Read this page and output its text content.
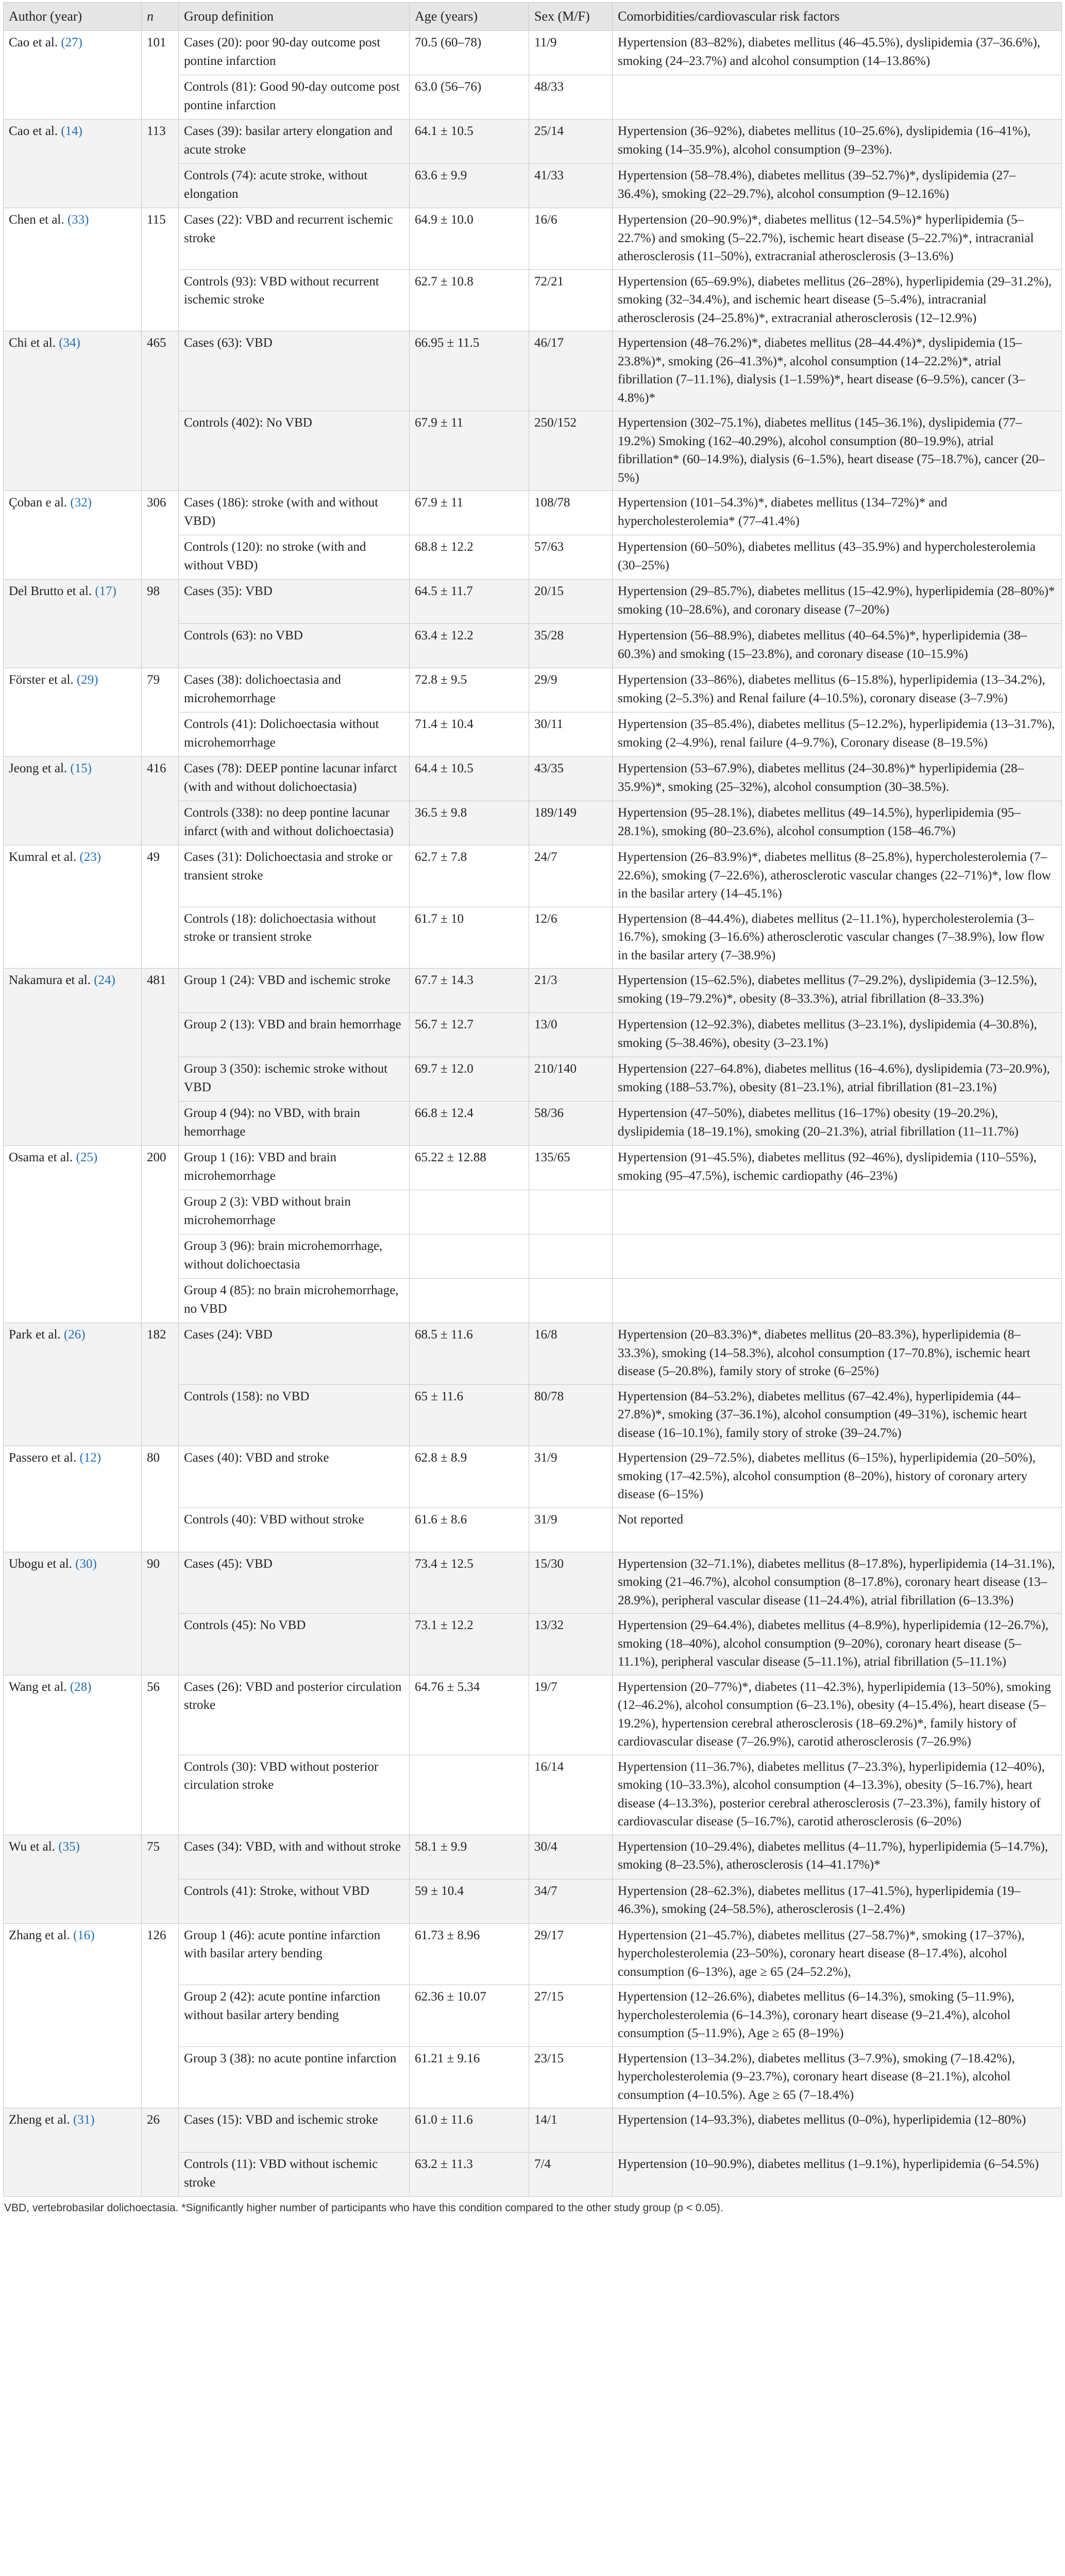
Author (year)	n	Group definition	Age (years)	Sex (M/F)	Comorbidities/cardiovascular risk factors
Cao et al. (27)	101	Cases (20): poor 90-day outcome post pontine infarction	70.5 (60–78)	11/9	Hypertension (83–82%), diabetes mellitus (46–45.5%), dyslipidemia (37–36.6%), smoking (24–23.7%) and alcohol consumption (14–13.86%)
		Controls (81): Good 90-day outcome post pontine infarction	63.0 (56–76)	48/33	
Cao et al. (14)	113	Cases (39): basilar artery elongation and acute stroke	64.1 ± 10.5	25/14	Hypertension (36–92%), diabetes mellitus (10–25.6%), dyslipidemia (16–41%), smoking (14–35.9%), alcohol consumption (9–23%).
		Controls (74): acute stroke, without elongation	63.6 ± 9.9	41/33	Hypertension (58–78.4%), diabetes mellitus (39–52.7%)*, dyslipidemia (27–36.4%), smoking (22–29.7%), alcohol consumption (9–12.16%)
Chen et al. (33)	115	Cases (22): VBD and recurrent ischemic stroke	64.9 ± 10.0	16/6	Hypertension (20–90.9%)*, diabetes mellitus (12–54.5%)* hyperlipidemia (5–22.7%) and smoking (5–22.7%), ischemic heart disease (5–22.7%)*, intracranial atherosclerosis (11–50%), extracranial atherosclerosis (3–13.6%)
		Controls (93): VBD without recurrent ischemic stroke	62.7 ± 10.8	72/21	Hypertension (65–69.9%), diabetes mellitus (26–28%), hyperlipidemia (29–31.2%), smoking (32–34.4%), and ischemic heart disease (5–5.4%), intracranial atherosclerosis (24–25.8%)*, extracranial atherosclerosis (12–12.9%)
Chi et al. (34)	465	Cases (63): VBD	66.95 ± 11.5	46/17	Hypertension (48–76.2%)*, diabetes mellitus (28–44.4%)*, dyslipidemia (15–23.8%)*, smoking (26–41.3%)*, alcohol consumption (14–22.2%)*, atrial fibrillation (7–11.1%), dialysis (1–1.59%)*, heart disease (6–9.5%), cancer (3–4.8%)*
		Controls (402): No VBD	67.9 ± 11	250/152	Hypertension (302–75.1%), diabetes mellitus (145–36.1%), dyslipidemia (77–19.2%) Smoking (162–40.29%), alcohol consumption (80–19.9%), atrial fibrillation* (60–14.9%), dialysis (6–1.5%), heart disease (75–18.7%), cancer (20–5%)
Çoban e al. (32)	306	Cases (186): stroke (with and without VBD)	67.9 ± 11	108/78	Hypertension (101–54.3%)*, diabetes mellitus (134–72%)* and hypercholesterolemia* (77–41.4%)
		Controls (120): no stroke (with and without VBD)	68.8 ± 12.2	57/63	Hypertension (60–50%), diabetes mellitus (43–35.9%) and hypercholesterolemia (30–25%)
Del Brutto et al. (17)	98	Cases (35): VBD	64.5 ± 11.7	20/15	Hypertension (29–85.7%), diabetes mellitus (15–42.9%), hyperlipidemia (28–80%)* smoking (10–28.6%), and coronary disease (7–20%)
		Controls (63): no VBD	63.4 ± 12.2	35/28	Hypertension (56–88.9%), diabetes mellitus (40–64.5%)*, hyperlipidemia (38–60.3%) and smoking (15–23.8%), and coronary disease (10–15.9%)
Förster et al. (29)	79	Cases (38): dolichoectasia and microhemorrhage	72.8 ± 9.5	29/9	Hypertension (33–86%), diabetes mellitus (6–15.8%), hyperlipidemia (13–34.2%), smoking (2–5.3%) and Renal failure (4–10.5%), coronary disease (3–7.9%)
		Controls (41): Dolichoectasia without microhemorrhage	71.4 ± 10.4	30/11	Hypertension (35–85.4%), diabetes mellitus (5–12.2%), hyperlipidemia (13–31.7%), smoking (2–4.9%), renal failure (4–9.7%), Coronary disease (8–19.5%)
Jeong et al. (15)	416	Cases (78): DEEP pontine lacunar infarct (with and without dolichoectasia)	64.4 ± 10.5	43/35	Hypertension (53–67.9%), diabetes mellitus (24–30.8%)* hyperlipidemia (28–35.9%)*, smoking (25–32%), alcohol consumption (30–38.5%).
		Controls (338): no deep pontine lacunar infarct (with and without dolichoectasia)	36.5 ± 9.8	189/149	Hypertension (95–28.1%), diabetes mellitus (49–14.5%), hyperlipidemia (95–28.1%), smoking (80–23.6%), alcohol consumption (158–46.7%)
Kumral et al. (23)	49	Cases (31): Dolichoectasia and stroke or transient stroke	62.7 ± 7.8	24/7	Hypertension (26–83.9%)*, diabetes mellitus (8–25.8%), hypercholesterolemia (7–22.6%), smoking (7–22.6%), atherosclerotic vascular changes (22–71%)*, low flow in the basilar artery (14–45.1%)
		Controls (18): dolichoectasia without stroke or transient stroke	61.7 ± 10	12/6	Hypertension (8–44.4%), diabetes mellitus (2–11.1%), hypercholesterolemia (3–16.7%), smoking (3–16.6%) atherosclerotic vascular changes (7–38.9%), low flow in the basilar artery (7–38.9%)
Nakamura et al. (24)	481	Group 1 (24): VBD and ischemic stroke	67.7 ± 14.3	21/3	Hypertension (15–62.5%), diabetes mellitus (7–29.2%), dyslipidemia (3–12.5%), smoking (19–79.2%)*, obesity (8–33.3%), atrial fibrillation (8–33.3%)
		Group 2 (13): VBD and brain hemorrhage	56.7 ± 12.7	13/0	Hypertension (12–92.3%), diabetes mellitus (3–23.1%), dyslipidemia (4–30.8%), smoking (5–38.46%), obesity (3–23.1%)
		Group 3 (350): ischemic stroke without VBD	69.7 ± 12.0	210/140	Hypertension (227–64.8%), diabetes mellitus (16–4.6%), dyslipidemia (73–20.9%), smoking (188–53.7%), obesity (81–23.1%), atrial fibrillation (81–23.1%)
		Group 4 (94): no VBD, with brain hemorrhage	66.8 ± 12.4	58/36	Hypertension (47–50%), diabetes mellitus (16–17%) obesity (19–20.2%), dyslipidemia (18–19.1%), smoking (20–21.3%), atrial fibrillation (11–11.7%)
Osama et al. (25)	200	Group 1 (16): VBD and brain microhemorrhage	65.22 ± 12.88	135/65	Hypertension (91–45.5%), diabetes mellitus (92–46%), dyslipidemia (110–55%), smoking (95–47.5%), ischemic cardiopathy (46–23%)
		Group 2 (3): VBD without brain microhemorrhage			
		Group 3 (96): brain microhemorrhage, without dolichoectasia			
		Group 4 (85): no brain microhemorrhage, no VBD			
Park et al. (26)	182	Cases (24): VBD	68.5 ± 11.6	16/8	Hypertension (20–83.3%)*, diabetes mellitus (20–83.3%), hyperlipidemia (8–33.3%), smoking (14–58.3%), alcohol consumption (17–70.8%), ischemic heart disease (5–20.8%), family story of stroke (6–25%)
		Controls (158): no VBD	65 ± 11.6	80/78	Hypertension (84–53.2%), diabetes mellitus (67–42.4%), hyperlipidemia (44–27.8%)*, smoking (37–36.1%), alcohol consumption (49–31%), ischemic heart disease (16–10.1%), family story of stroke (39–24.7%)
Passero et al. (12)	80	Cases (40): VBD and stroke	62.8 ± 8.9	31/9	Hypertension (29–72.5%), diabetes mellitus (6–15%), hyperlipidemia (20–50%), smoking (17–42.5%), alcohol consumption (8–20%), history of coronary artery disease (6–15%)
		Controls (40): VBD without stroke	61.6 ± 8.6	31/9	Not reported
Ubogu et al. (30)	90	Cases (45): VBD	73.4 ± 12.5	15/30	Hypertension (32–71.1%), diabetes mellitus (8–17.8%), hyperlipidemia (14–31.1%), smoking (21–46.7%), alcohol consumption (8–17.8%), coronary heart disease (13–28.9%), peripheral vascular disease (11–24.4%), atrial fibrillation (6–13.3%)
		Controls (45): No VBD	73.1 ± 12.2	13/32	Hypertension (29–64.4%), diabetes mellitus (4–8.9%), hyperlipidemia (12–26.7%), smoking (18–40%), alcohol consumption (9–20%), coronary heart disease (5–11.1%), peripheral vascular disease (5–11.1%), atrial fibrillation (5–11.1%)
Wang et al. (28)	56	Cases (26): VBD and posterior circulation stroke	64.76 ± 5.34	19/7	Hypertension (20–77%)*, diabetes (11–42.3%), hyperlipidemia (13–50%), smoking (12–46.2%), alcohol consumption (6–23.1%), obesity (4–15.4%), heart disease (5–19.2%), hypertension cerebral atherosclerosis (18–69.2%)*, family history of cardiovascular disease (7–26.9%), carotid atherosclerosis (7–26.9%)
		Controls (30): VBD without posterior circulation stroke		16/14	Hypertension (11–36.7%), diabetes mellitus (7–23.3%), hyperlipidemia (12–40%), smoking (10–33.3%), alcohol consumption (4–13.3%), obesity (5–16.7%), heart disease (4–13.3%), posterior cerebral atherosclerosis (7–23.3%), family history of cardiovascular disease (5–16.7%), carotid atherosclerosis (6–20%)
Wu et al. (35)	75	Cases (34): VBD, with and without stroke	58.1 ± 9.9	30/4	Hypertension (10–29.4%), diabetes mellitus (4–11.7%), hyperlipidemia (5–14.7%), smoking (8–23.5%), atherosclerosis (14–41.17%)*
		Controls (41): Stroke, without VBD	59 ± 10.4	34/7	Hypertension (28–62.3%), diabetes mellitus (17–41.5%), hyperlipidemia (19–46.3%), smoking (24–58.5%), atherosclerosis (1–2.4%)
Zhang et al. (16)	126	Group 1 (46): acute pontine infarction with basilar artery bending	61.73 ± 8.96	29/17	Hypertension (21–45.7%), diabetes mellitus (27–58.7%)*, smoking (17–37%), hypercholesterolemia (23–50%), coronary heart disease (8–17.4%), alcohol consumption (6–13%), age ≥ 65 (24–52.2%),
		Group 2 (42): acute pontine infarction without basilar artery bending	62.36 ± 10.07	27/15	Hypertension (12–26.6%), diabetes mellitus (6–14.3%), smoking (5–11.9%), hypercholesterolemia (6–14.3%), coronary heart disease (9–21.4%), alcohol consumption (5–11.9%), Age ≥ 65 (8–19%)
		Group 3 (38): no acute pontine infarction	61.21 ± 9.16	23/15	Hypertension (13–34.2%), diabetes mellitus (3–7.9%), smoking (7–18.42%), hypercholesterolemia (9–23.7%), coronary heart disease (8–21.1%), alcohol consumption (4–10.5%). Age ≥ 65 (7–18.4%)
Zheng et al. (31)	26	Cases (15): VBD and ischemic stroke	61.0 ± 11.6	14/1	Hypertension (14–93.3%), diabetes mellitus (0–0%), hyperlipidemia (12–80%)
		Controls (11): VBD without ischemic stroke	63.2 ± 11.3	7/4	Hypertension (10–90.9%), diabetes mellitus (1–9.1%), hyperlipidemia (6–54.5%)
VBD, vertebrobasilar dolichoectasia. *Significantly higher number of participants who have this condition compared to the other study group (p < 0.05).
